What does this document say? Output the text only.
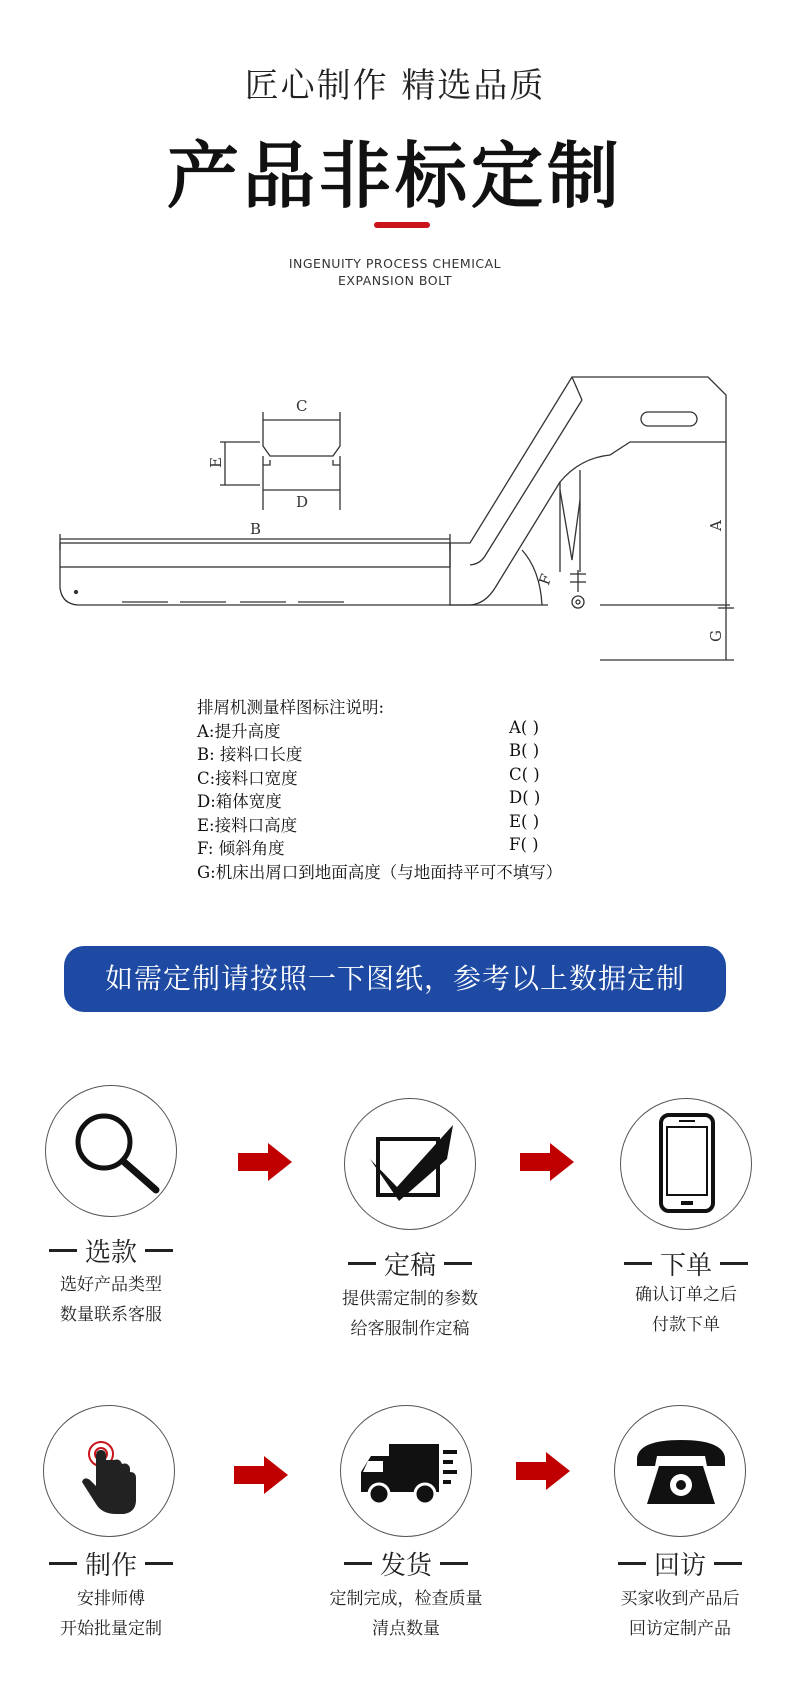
匠心制作 精选品质
产品非标定制
INGENUITY PROCESS CHEMICAL
EXPANSION BOLT
C
D
E
B
F
A
G
排屑机测量样图标注说明:
A:提升高度	A( )
B: 接料口长度	B( )
C:接料口宽度	C( )
D:箱体宽度	D( )
E:接料口高度	E( )
F: 倾斜角度	F( )
G:机床出屑口到地面高度（与地面持平可不填写）
如需定制请按照一下图纸，参考以上数据定制
选款
选好产品类型
数量联系客服
定稿
提供需定制的参数
给客服制作定稿
下单
确认订单之后
付款下单
制作
安排师傅
开始批量定制
发货
定制完成，检查质量
清点数量
回访
买家收到产品后
回访定制产品
